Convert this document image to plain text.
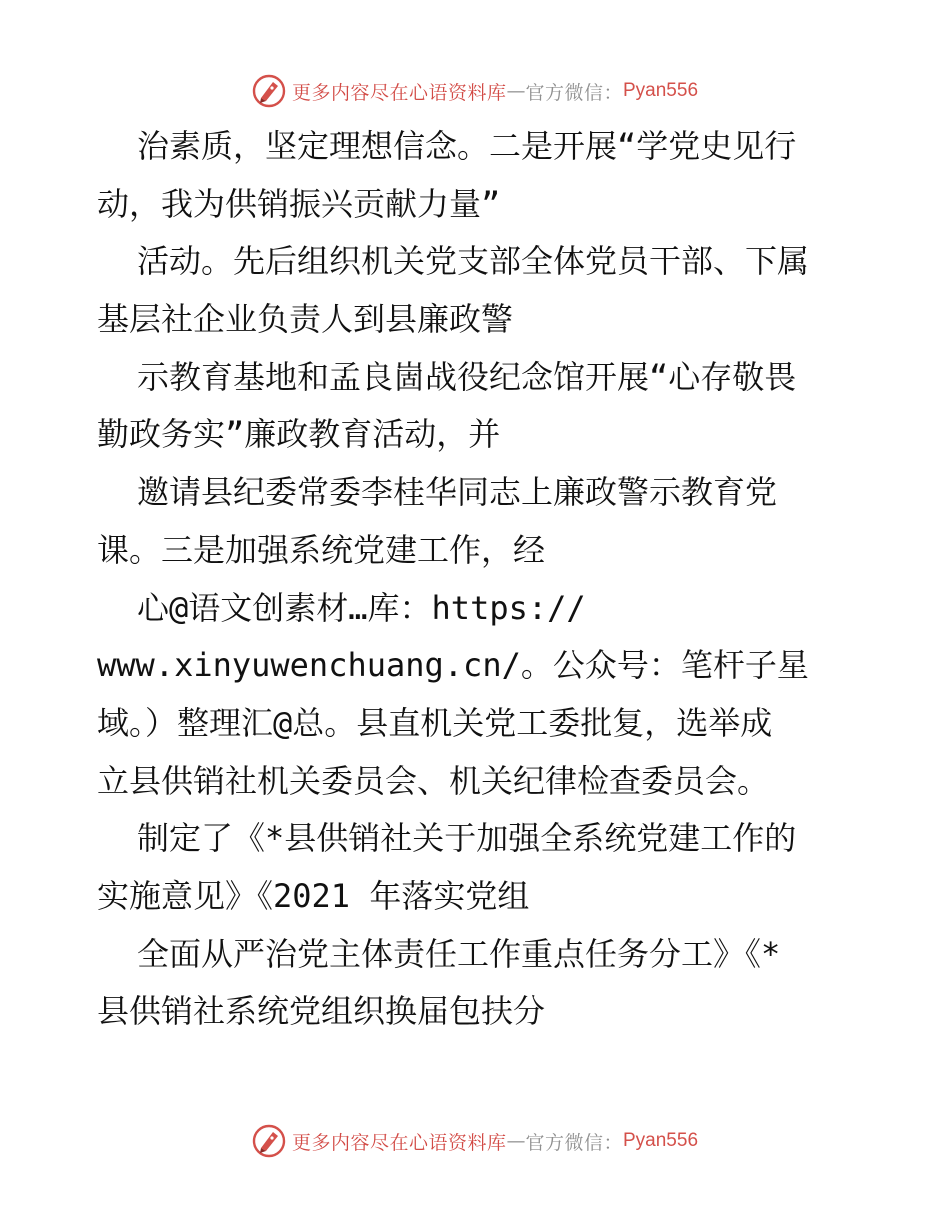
更多内容尽在心语资料库 — 官方微信： Pyan556
治素质，坚定理想信念。二是开展“学党史见行
动，我为供销振兴贡献力量”
活动。先后组织机关党支部全体党员干部、下属
基层社企业负责人到县廉政警
示教育基地和孟良崮战役纪念馆开展“心存敬畏
勤政务实”廉政教育活动，并
邀请县纪委常委李桂华同志上廉政警示教育党
课。三是加强系统党建工作，经
心@语文创素材…库：https://
www.xinyuwenchuang.cn/。公众号：笔杆子星
域。）整理汇@总。县直机关党工委批复，选举成
立县供销社机关委员会、机关纪律检查委员会。
制定了《*县供销社关于加强全系统党建工作的
实施意见》《2021 年落实党组
全面从严治党主体责任工作重点任务分工》《*
县供销社系统党组织换届包扶分
更多内容尽在心语资料库 — 官方微信： Pyan556
